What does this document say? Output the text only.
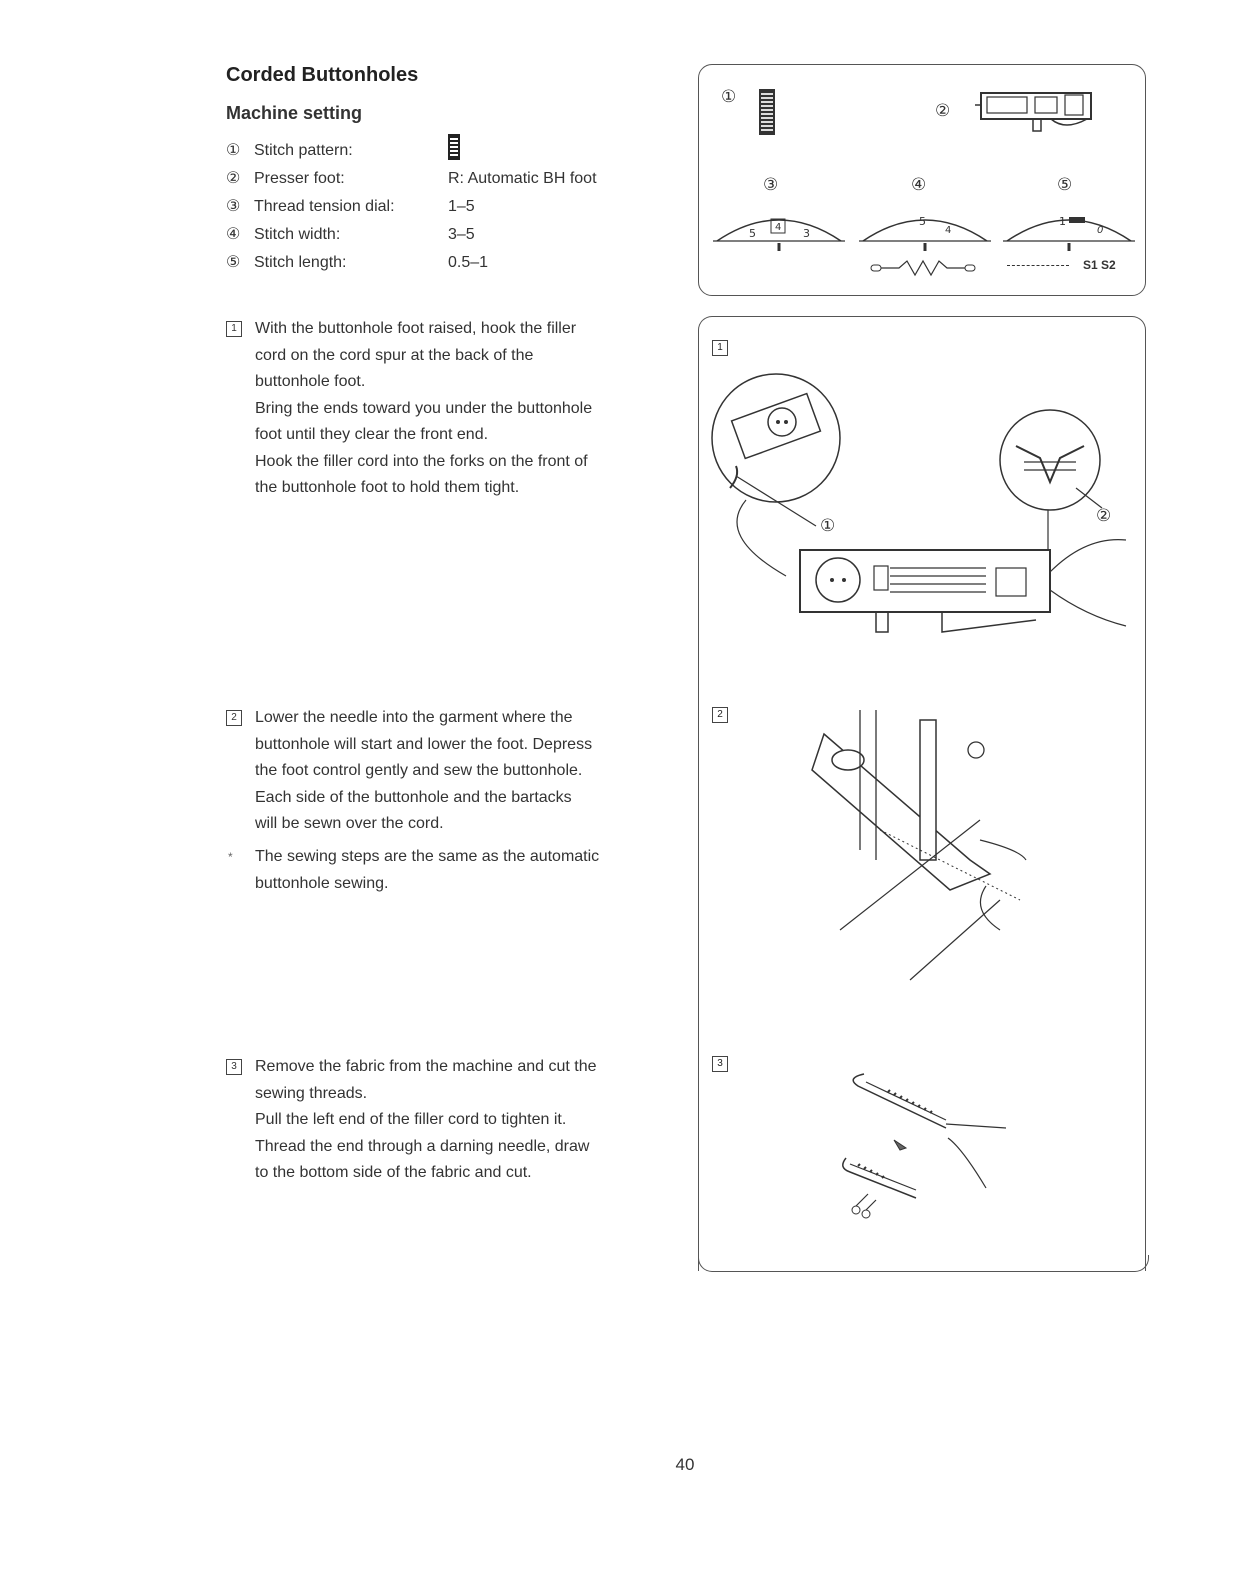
Corded Buttonholes
Machine setting
① Stitch pattern:
② Presser foot:	R: Automatic BH foot
③ Thread tension dial:	1–5
④ Stitch width:	3–5
⑤ Stitch length:	0.5–1
1	With the buttonhole foot raised, hook the filler
cord on the cord spur at the back of the
buttonhole foot.
Bring the ends toward you under the buttonhole
foot until they clear the front end.
Hook the filler cord into the forks on the front of
the buttonhole foot to hold them tight.
2	Lower the needle into the garment where the
buttonhole will start and lower the foot. Depress
the foot control gently and sew the buttonhole.
Each side of the buttonhole and the bartacks
will be sewn over the cord.
* The sewing steps are the same as the automatic
buttonhole sewing.
3	Remove the fabric from the machine and cut the
sewing threads.
Pull the left end of the filler cord to tighten it.
Thread the end through a darning needle, draw
to the bottom side of the fabric and cut.
①
②
③	④	⑤
5 4 3
5
4
1
0
S1 S2
1
①	②
2
3
40
